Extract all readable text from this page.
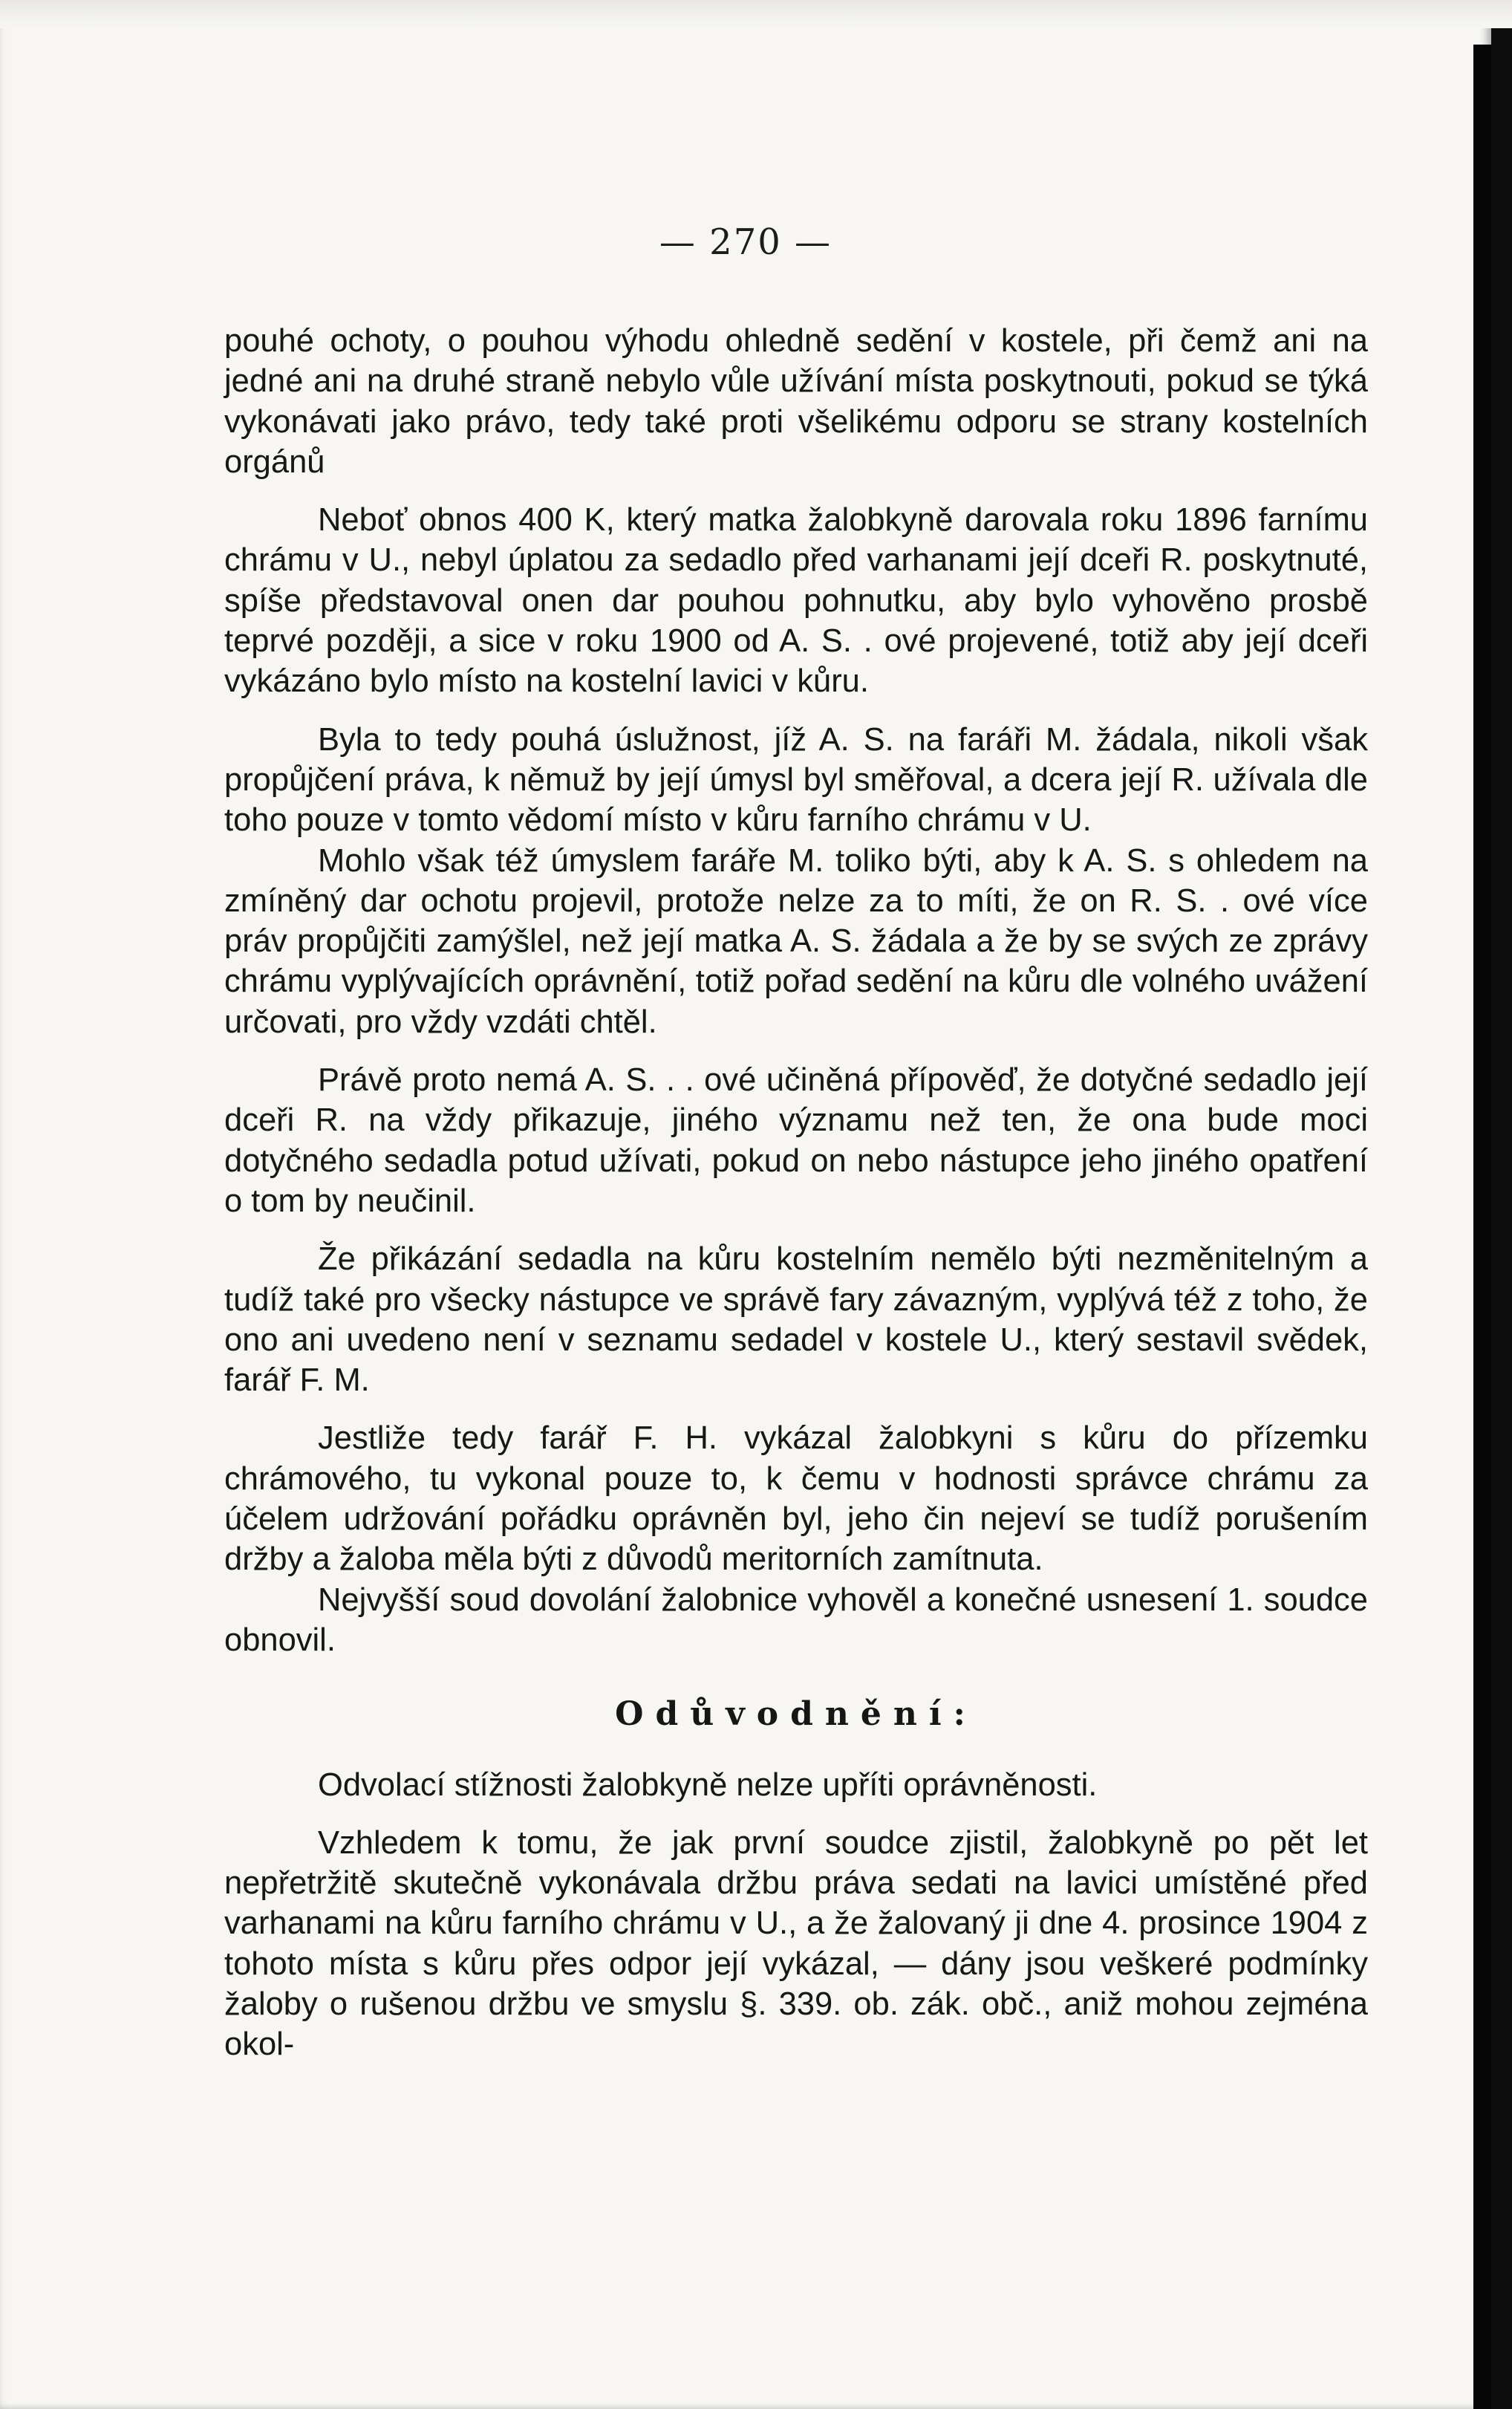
— 270 —

pouhé ochoty, o pouhou výhodu ohledně sedění v kostele, při čemž ani na jedné ani na druhé straně nebylo vůle užívání místa poskytnouti, pokud se týká vykonávati jako právo, tedy také proti všelikému odporu se strany kostelních orgánů

Neboť obnos 400 K, který matka žalobkyně darovala roku 1896 farnímu chrámu v U., nebyl úplatou za sedadlo před varhanami její dceři R. poskytnuté, spíše představoval onen dar pouhou pohnutku, aby bylo vyhověno prosbě teprvé později, a sice v roku 1900 od A. S. . ové projevené, totiž aby její dceři vykázáno bylo místo na kostelní lavici v kůru.

Byla to tedy pouhá úslužnost, jíž A. S. na faráři M. žádala, nikoli však propůjčení práva, k němuž by její úmysl byl směřoval, a dcera její R. užívala dle toho pouze v tomto vědomí místo v kůru farního chrámu v U.

Mohlo však též úmyslem faráře M. toliko býti, aby k A. S. s ohledem na zmíněný dar ochotu projevil, protože nelze za to míti, že on R. S. . ové více práv propůjčiti zamýšlel, než její matka A. S. žádala a že by se svých ze zprávy chrámu vyplývajících oprávnění, totiž pořad sedění na kůru dle volného uvážení určovati, pro vždy vzdáti chtěl.

Právě proto nemá A. S. . . ové učiněná přípověď, že dotyčné sedadlo její dceři R. na vždy přikazuje, jiného významu než ten, že ona bude moci dotyčného sedadla potud užívati, pokud on nebo nástupce jeho jiného opatření o tom by neučinil.

Že přikázání sedadla na kůru kostelním nemělo býti nezměnitelným a tudíž také pro všecky nástupce ve správě fary závazným, vyplývá též z toho, že ono ani uvedeno není v seznamu sedadel v kostele U., který sestavil svědek, farář F. M.

Jestliže tedy farář F. H. vykázal žalobkyni s kůru do přízemku chrámového, tu vykonal pouze to, k čemu v hodnosti správce chrámu za účelem udržování pořádku oprávněn byl, jeho čin nejeví se tudíž porušením držby a žaloba měla býti z důvodů meritorních zamítnuta.

Nejvyšší soud dovolání žalobnice vyhověl a konečné usnesení 1. soudce obnovil.

Odůvodnění:

Odvolací stížnosti žalobkyně nelze upříti oprávněnosti.

Vzhledem k tomu, že jak první soudce zjistil, žalobkyně po pět let nepřetržitě skutečně vykonávala držbu práva sedati na lavici umístěné před varhanami na kůru farního chrámu v U., a že žalovaný ji dne 4. prosince 1904 z tohoto místa s kůru přes odpor její vykázal, — dány jsou veškeré podmínky žaloby o rušenou držbu ve smyslu §. 339. ob. zák. obč., aniž mohou zejména okol-
